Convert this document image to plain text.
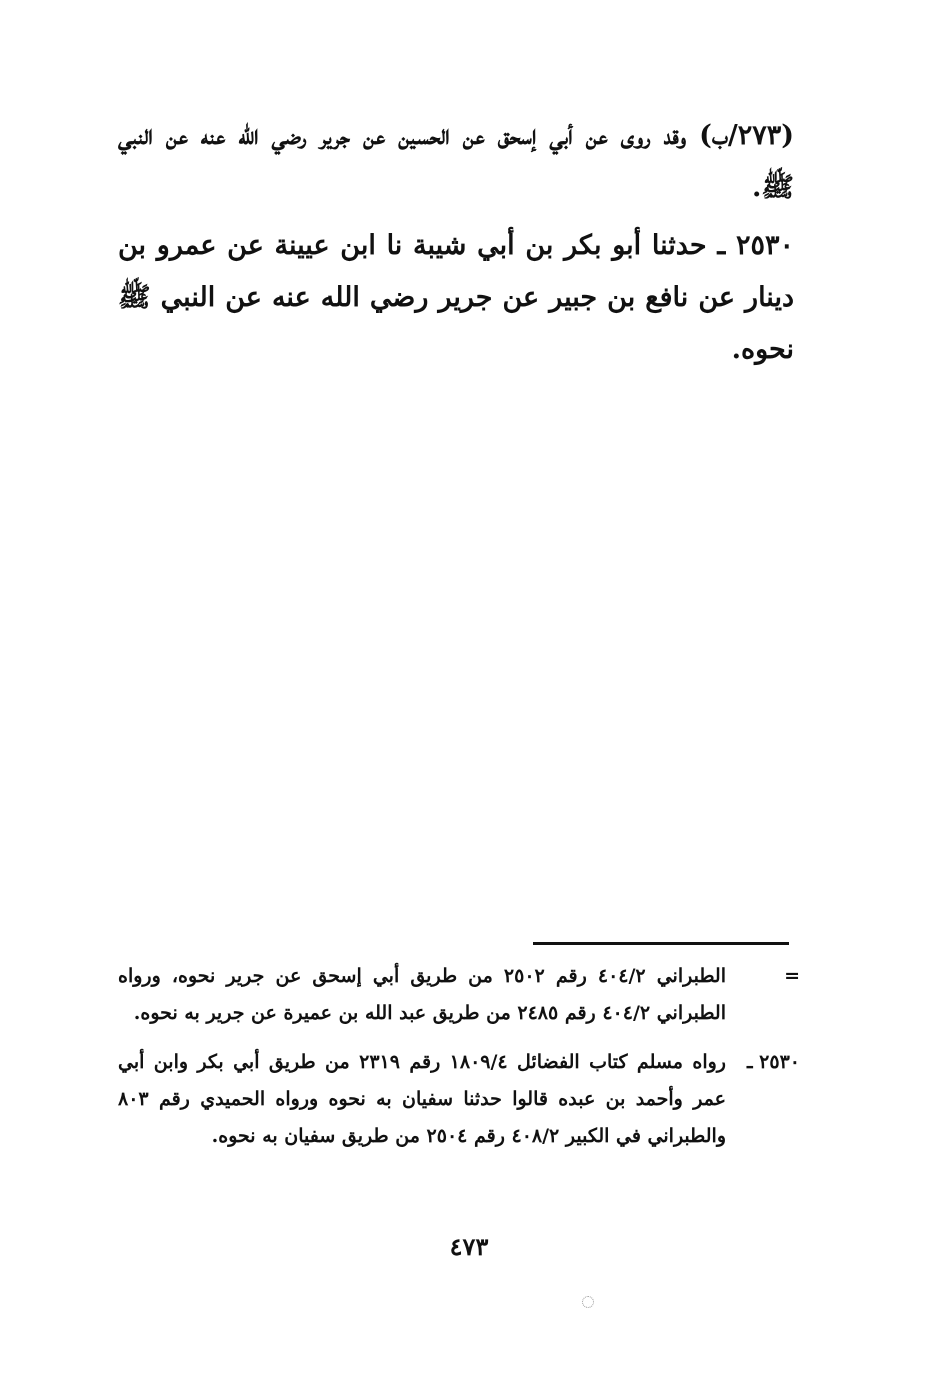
(٢٧٣/ب) وقد روى عن أبي إسحق عن الحسين عن جرير رضي الله عنه عن النبي ﷺ.

٢٥٣٠ ـ حدثنا أبو بكر بن أبي شيبة نا ابن عيينة عن عمرو بن دينار عن نافع بن جبير عن جرير رضي الله عنه عن النبي ﷺ نحوه.

=
الطبراني ٤٠٤/٢ رقم ٢٥٠٢ من طريق أبي إسحق عن جرير نحوه، ورواه الطبراني ٤٠٤/٢ رقم ٢٤٨٥ من طريق عبد الله بن عميرة عن جرير به نحوه.
٢٥٣٠ ـ
رواه مسلم كتاب الفضائل ١٨٠٩/٤ رقم ٢٣١٩ من طريق أبي بكر وابن أبي عمر وأحمد بن عبده قالوا حدثنا سفيان به نحوه ورواه الحميدي رقم ٨٠٣ والطبراني في الكبير ٤٠٨/٢ رقم ٢٥٠٤ من طريق سفيان به نحوه.
٤٧٣
